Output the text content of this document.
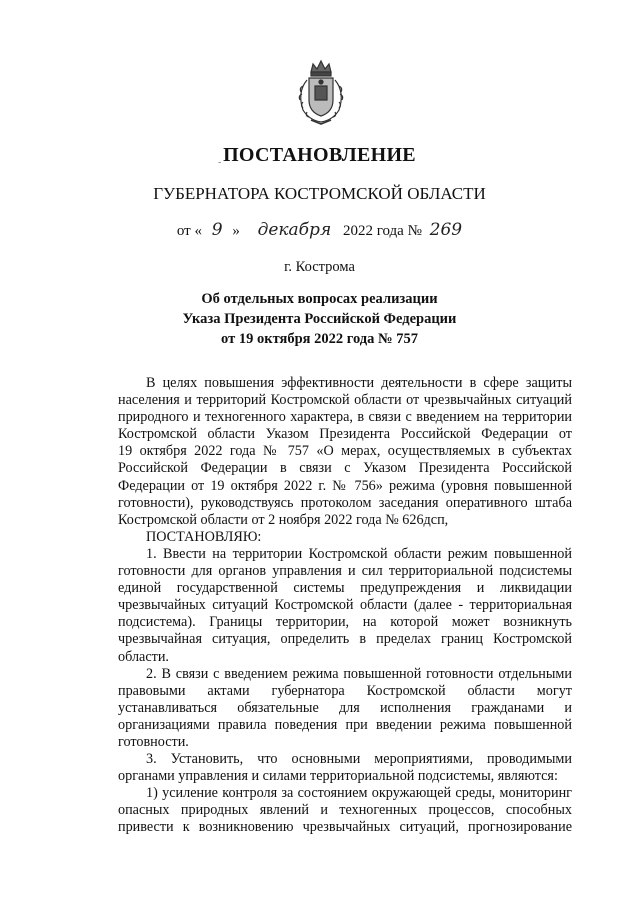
- ПОСТАНОВЛЕНИЕ
ГУБЕРНАТОРА КОСТРОМСКОЙ ОБЛАСТИ
от « 9 » декабря 2022 года № 269
г. Кострома
Об отдельных вопросах реализации
Указа Президента Российской Федерации
от 19 октября 2022 года № 757
В целях повышения эффективности деятельности в сфере защиты
населения и территорий Костромской области от чрезвычайных ситуаций
природного и техногенного характера, в связи с введением на территории
Костромской области Указом Президента Российской Федерации от
19 октября 2022 года № 757 «О мерах, осуществляемых в субъектах
Российской Федерации в связи с Указом Президента Российской
Федерации от 19 октября 2022 г. № 756» режима (уровня повышенной
готовности), руководствуясь протоколом заседания оперативного штаба
Костромской области от 2 ноября 2022 года № 626дсп,
ПОСТАНОВЛЯЮ:
1. Ввести на территории Костромской области режим повышенной
готовности для органов управления и сил территориальной подсистемы
единой государственной системы предупреждения и ликвидации
чрезвычайных ситуаций Костромской области (далее - территориальная
подсистема). Границы территории, на которой может возникнуть
чрезвычайная ситуация, определить в пределах границ Костромской
области.
2. В связи с введением режима повышенной готовности отдельными
правовыми актами губернатора Костромской области могут
устанавливаться обязательные для исполнения гражданами и
организациями правила поведения при введении режима повышенной
готовности.
3. Установить, что основными мероприятиями, проводимыми
органами управления и силами территориальной подсистемы, являются:
1) усиление контроля за состоянием окружающей среды, мониторинг
опасных природных явлений и техногенных процессов, способных
привести к возникновению чрезвычайных ситуаций, прогнозирование
